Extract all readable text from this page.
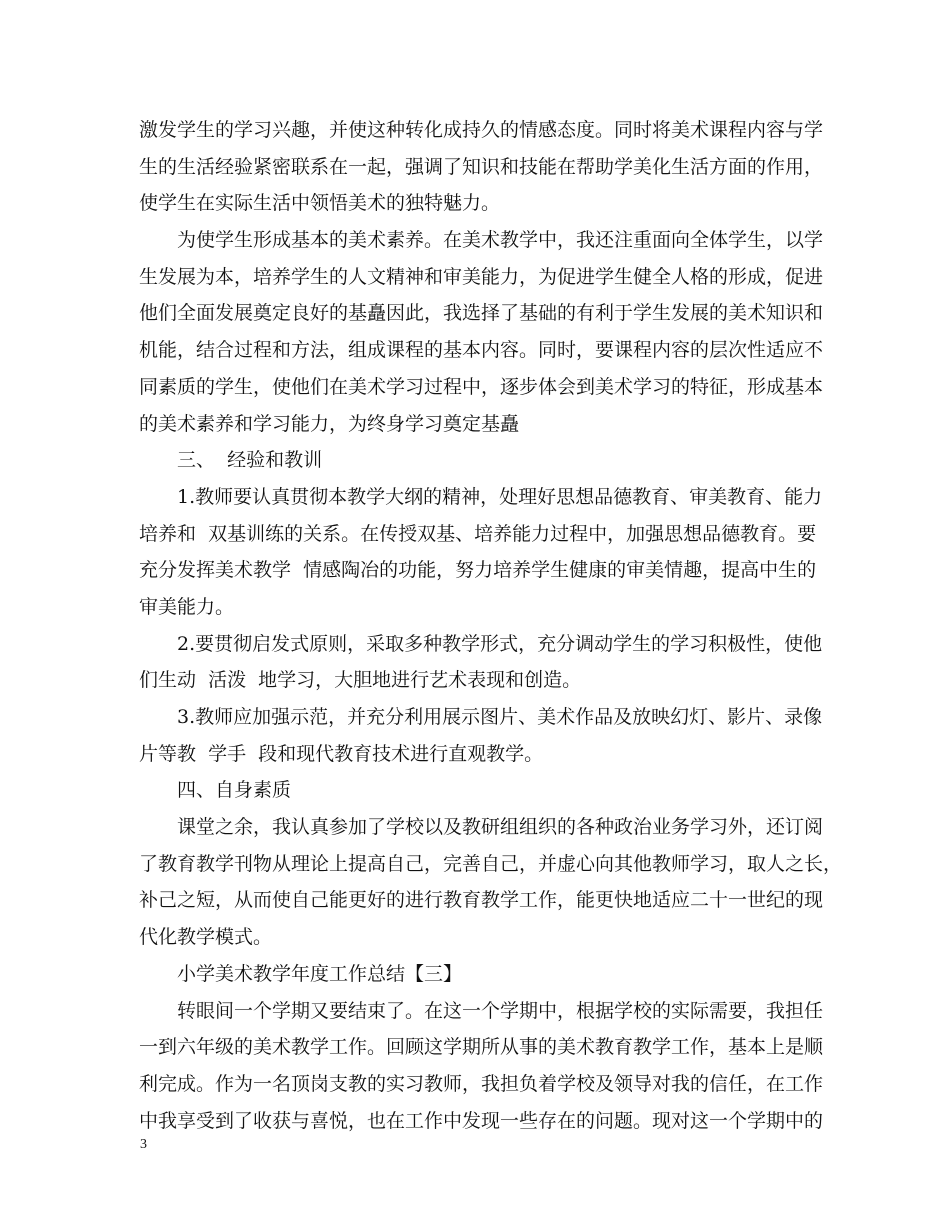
激发学生的学习兴趣，并使这种转化成持久的情感态度。同时将美术课程内容与学
生的生活经验紧密联系在一起，强调了知识和技能在帮助学美化生活方面的作用，
使学生在实际生活中领悟美术的独特魅力。
为使学生形成基本的美术素养。在美术教学中，我还注重面向全体学生，以学
生发展为本，培养学生的人文精神和审美能力，为促进学生健全人格的形成，促进
他们全面发展奠定良好的基矗因此，我选择了基础的有利于学生发展的美术知识和
机能，结合过程和方法，组成课程的基本内容。同时，要课程内容的层次性适应不
同素质的学生，使他们在美术学习过程中，逐步体会到美术学习的特征，形成基本
的美术素养和学习能力，为终身学习奠定基矗
三、  经验和教训
1.教师要认真贯彻本教学大纲的精神，处理好思想品德教育、审美教育、能力
培养和  双基训练的关系。在传授双基、培养能力过程中，加强思想品德教育。要
充分发挥美术教学  情感陶冶的功能，努力培养学生健康的审美情趣，提高中生的
审美能力。
2.要贯彻启发式原则，采取多种教学形式，充分调动学生的学习积极性，使他
们生动  活泼  地学习，大胆地进行艺术表现和创造。
3.教师应加强示范，并充分利用展示图片、美术作品及放映幻灯、影片、录像
片等教  学手  段和现代教育技术进行直观教学。
四、自身素质
课堂之余，我认真参加了学校以及教研组组织的各种政治业务学习外，还订阅
了教育教学刊物从理论上提高自己，完善自己，并虚心向其他教师学习，取人之长，
补己之短，从而使自己能更好的进行教育教学工作，能更快地适应二十一世纪的现
代化教学模式。
小学美术教学年度工作总结【三】
转眼间一个学期又要结束了。在这一个学期中，根据学校的实际需要，我担任
一到六年级的美术教学工作。回顾这学期所从事的美术教育教学工作，基本上是顺
利完成。作为一名顶岗支教的实习教师，我担负着学校及领导对我的信任，在工作
中我享受到了收获与喜悦，也在工作中发现一些存在的问题。现对这一个学期中的
3
